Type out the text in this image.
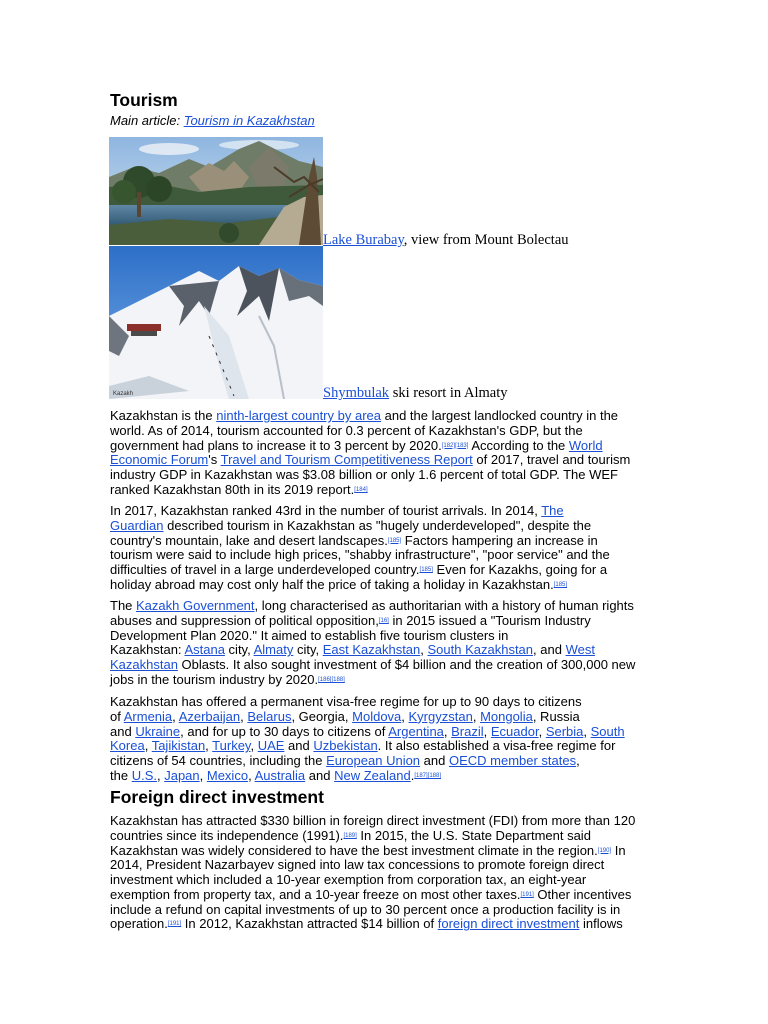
Tourism
Main article: Tourism in Kazakhstan
Lake Burabay, view from Mount Bolectau
Kazakh	Shymbulak ski resort in Almaty
Kazakhstan is the ninth-largest country by area and the largest landlocked country in the
world. As of 2014, tourism accounted for 0.3 percent of Kazakhstan's GDP, but the
government had plans to increase it to 3 percent by 2020.[182][183] According to the World
Economic Forum's Travel and Tourism Competitiveness Report of 2017, travel and tourism
industry GDP in Kazakhstan was $3.08 billion or only 1.6 percent of total GDP. The WEF
ranked Kazakhstan 80th in its 2019 report.[184]
In 2017, Kazakhstan ranked 43rd in the number of tourist arrivals. In 2014, The
Guardian described tourism in Kazakhstan as "hugely underdeveloped", despite the
country's mountain, lake and desert landscapes.[185] Factors hampering an increase in
tourism were said to include high prices, "shabby infrastructure", "poor service" and the
difficulties of travel in a large underdeveloped country.[185] Even for Kazakhs, going for a
holiday abroad may cost only half the price of taking a holiday in Kazakhstan.[185]
The Kazakh Government, long characterised as authoritarian with a history of human rights
abuses and suppression of political opposition,[16] in 2015 issued a "Tourism Industry
Development Plan 2020." It aimed to establish five tourism clusters in
Kazakhstan: Astana city, Almaty city, East Kazakhstan, South Kazakhstan, and West
Kazakhstan Oblasts. It also sought investment of $4 billion and the creation of 300,000 new
jobs in the tourism industry by 2020.[186][188]
Kazakhstan has offered a permanent visa-free regime for up to 90 days to citizens
of Armenia, Azerbaijan, Belarus, Georgia, Moldova, Kyrgyzstan, Mongolia, Russia
and Ukraine, and for up to 30 days to citizens of Argentina, Brazil, Ecuador, Serbia, South
Korea, Tajikistan, Turkey, UAE and Uzbekistan. It also established a visa-free regime for
citizens of 54 countries, including the European Union and OECD member states,
the U.S., Japan, Mexico, Australia and New Zealand.[187][188]
Foreign direct investment
Kazakhstan has attracted $330 billion in foreign direct investment (FDI) from more than 120
countries since its independence (1991).[189] In 2015, the U.S. State Department said
Kazakhstan was widely considered to have the best investment climate in the region.[190] In
2014, President Nazarbayev signed into law tax concessions to promote foreign direct
investment which included a 10-year exemption from corporation tax, an eight-year
exemption from property tax, and a 10-year freeze on most other taxes.[191] Other incentives
include a refund on capital investments of up to 30 percent once a production facility is in
operation.[191] In 2012, Kazakhstan attracted $14 billion of foreign direct investment inflows
